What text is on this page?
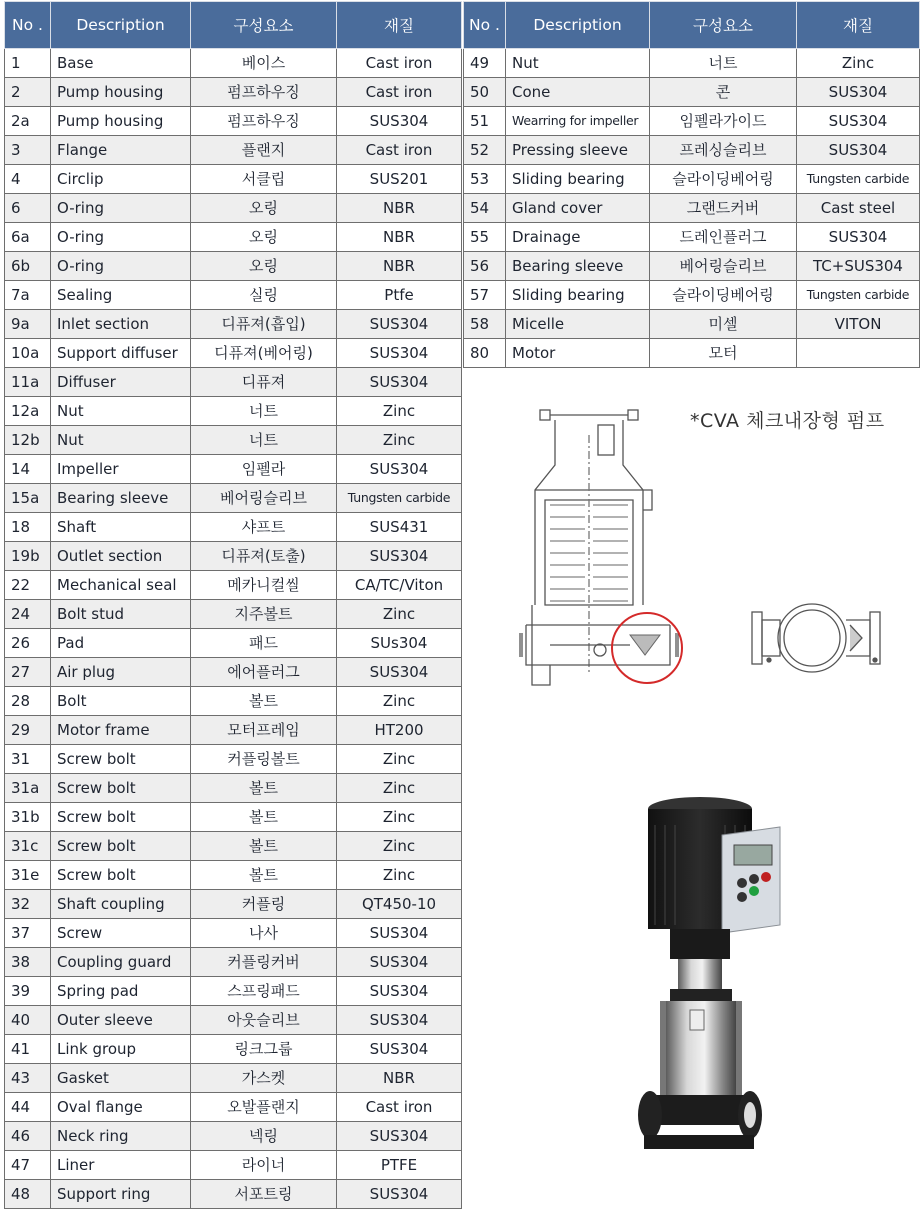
No .	Description	구성요소	재질
1	Base	베이스	Cast iron
2	Pump housing	펌프하우징	Cast iron
2a	Pump housing	펌프하우징	SUS304
3	Flange	플랜지	Cast iron
4	Circlip	서클립	SUS201
6	O-ring	오링	NBR
6a	O-ring	오링	NBR
6b	O-ring	오링	NBR
7a	Sealing	실링	Ptfe
9a	Inlet section	디퓨져(흡입)	SUS304
10a	Support diffuser	디퓨져(베어링)	SUS304
11a	Diffuser	디퓨져	SUS304
12a	Nut	너트	Zinc
12b	Nut	너트	Zinc
14	Impeller	임펠라	SUS304
15a	Bearing sleeve	베어링슬리브	Tungsten carbide
18	Shaft	샤프트	SUS431
19b	Outlet section	디퓨져(토출)	SUS304
22	Mechanical seal	메카니컬씰	CA/TC/Viton
24	Bolt stud	지주볼트	Zinc
26	Pad	패드	SUs304
27	Air plug	에어플러그	SUS304
28	Bolt	볼트	Zinc
29	Motor frame	모터프레임	HT200
31	Screw bolt	커플링볼트	Zinc
31a	Screw bolt	볼트	Zinc
31b	Screw bolt	볼트	Zinc
31c	Screw bolt	볼트	Zinc
31e	Screw bolt	볼트	Zinc
32	Shaft coupling	커플링	QT450-10
37	Screw	나사	SUS304
38	Coupling guard	커플링커버	SUS304
39	Spring pad	스프링패드	SUS304
40	Outer sleeve	아웃슬리브	SUS304
41	Link group	링크그룹	SUS304
43	Gasket	가스켓	NBR
44	Oval flange	오발플랜지	Cast iron
46	Neck ring	넥링	SUS304
47	Liner	라이너	PTFE
48	Support ring	서포트링	SUS304
No .	Description	구성요소	재질
49	Nut	너트	Zinc
50	Cone	콘	SUS304
51	Wearring for impeller	임펠라가이드	SUS304
52	Pressing sleeve	프레싱슬리브	SUS304
53	Sliding bearing	슬라이딩베어링	Tungsten carbide
54	Gland cover	그랜드커버	Cast steel
55	Drainage	드레인플러그	SUS304
56	Bearing sleeve	베어링슬리브	TC+SUS304
57	Sliding bearing	슬라이딩베어링	Tungsten carbide
58	Micelle	미셀	VITON
80	Motor	모터	
*CVA 체크내장형 펌프
